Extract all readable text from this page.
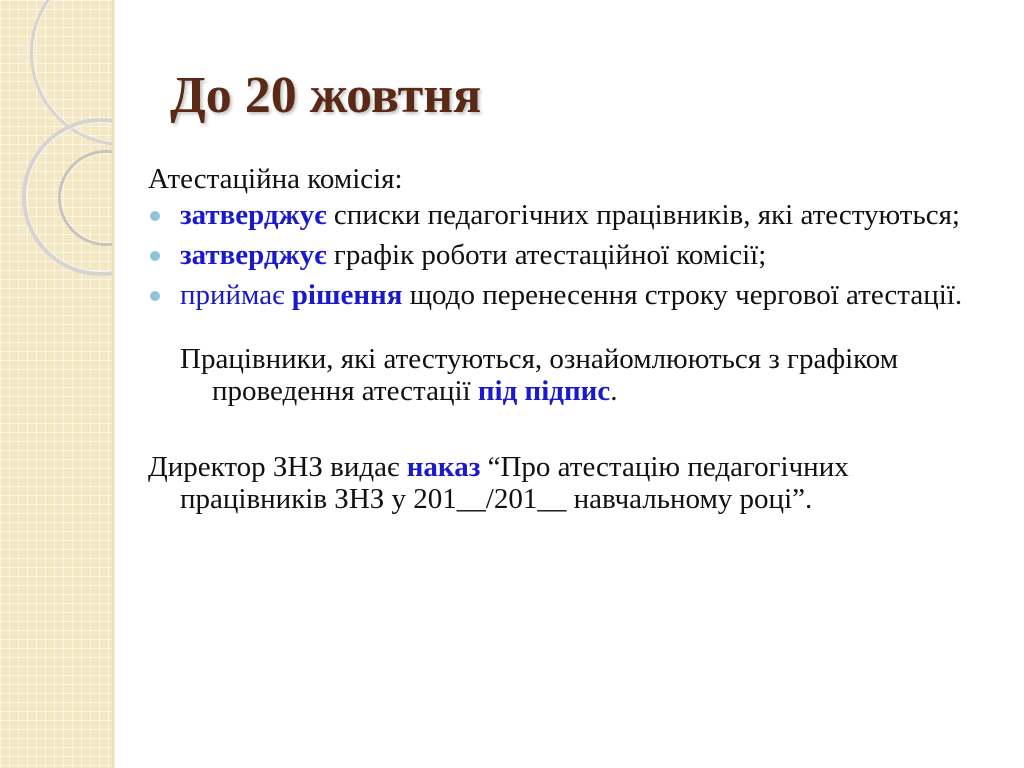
До 20 жовтня

Атестаційна комісія:

затверджує списки педагогічних працівників, які атестуються;
затверджує графік роботи атестаційної комісії;
приймає рішення щодо перенесення строку чергової атестації.

Працівники, які атестуються, ознайомлюються з графіком проведення атестації під підпис.

Директор ЗНЗ видає наказ “Про атестацію педагогічних працівників ЗНЗ у 201__/201__ навчальному році”.
